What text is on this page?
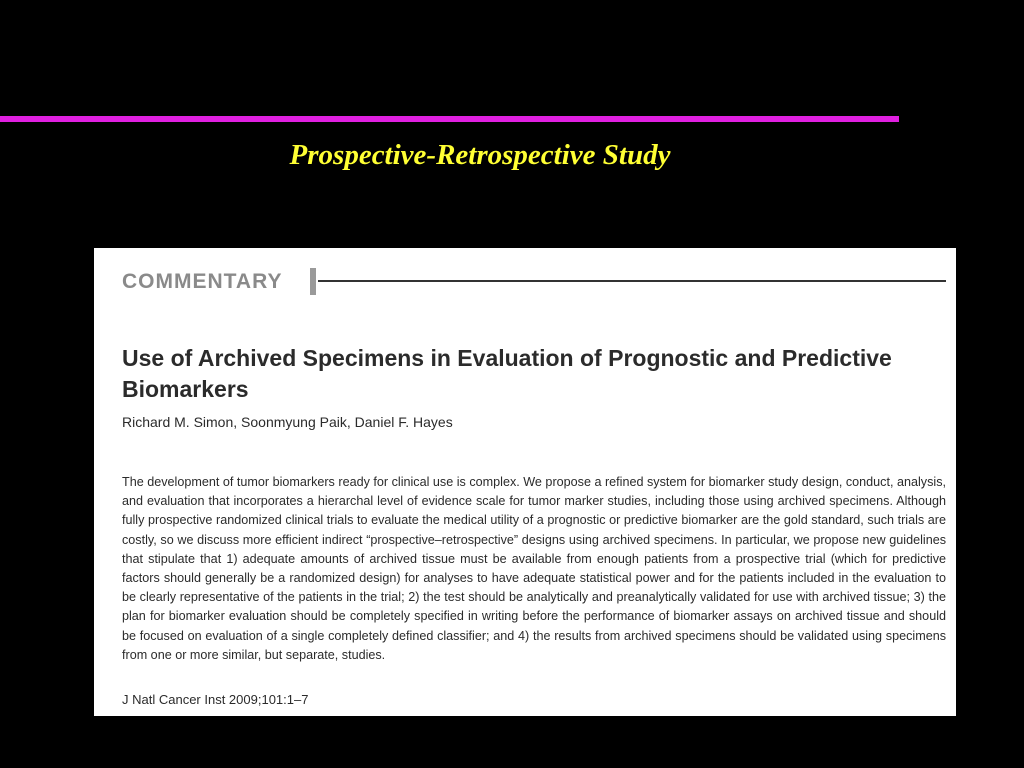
Prospective-Retrospective Study
COMMENTARY
Use of Archived Specimens in Evaluation of Prognostic and Predictive Biomarkers
Richard M. Simon, Soonmyung Paik, Daniel F. Hayes
The development of tumor biomarkers ready for clinical use is complex. We propose a refined system for biomarker study design, conduct, analysis, and evaluation that incorporates a hierarchal level of evidence scale for tumor marker studies, including those using archived specimens. Although fully prospective randomized clinical trials to evaluate the medical utility of a prognostic or predictive biomarker are the gold standard, such trials are costly, so we discuss more efficient indirect “prospective–retrospective” designs using archived specimens. In particular, we propose new guidelines that stipulate that 1) adequate amounts of archived tissue must be available from enough patients from a prospective trial (which for predictive factors should generally be a randomized design) for analyses to have adequate statistical power and for the patients included in the evaluation to be clearly representative of the patients in the trial; 2) the test should be analytically and preanalytically validated for use with archived tissue; 3) the plan for biomarker evaluation should be completely specified in writing before the performance of biomarker assays on archived tissue and should be focused on evaluation of a single completely defined classifier; and 4) the results from archived specimens should be validated using specimens from one or more similar, but separate, studies.
J Natl Cancer Inst 2009;101:1–7
